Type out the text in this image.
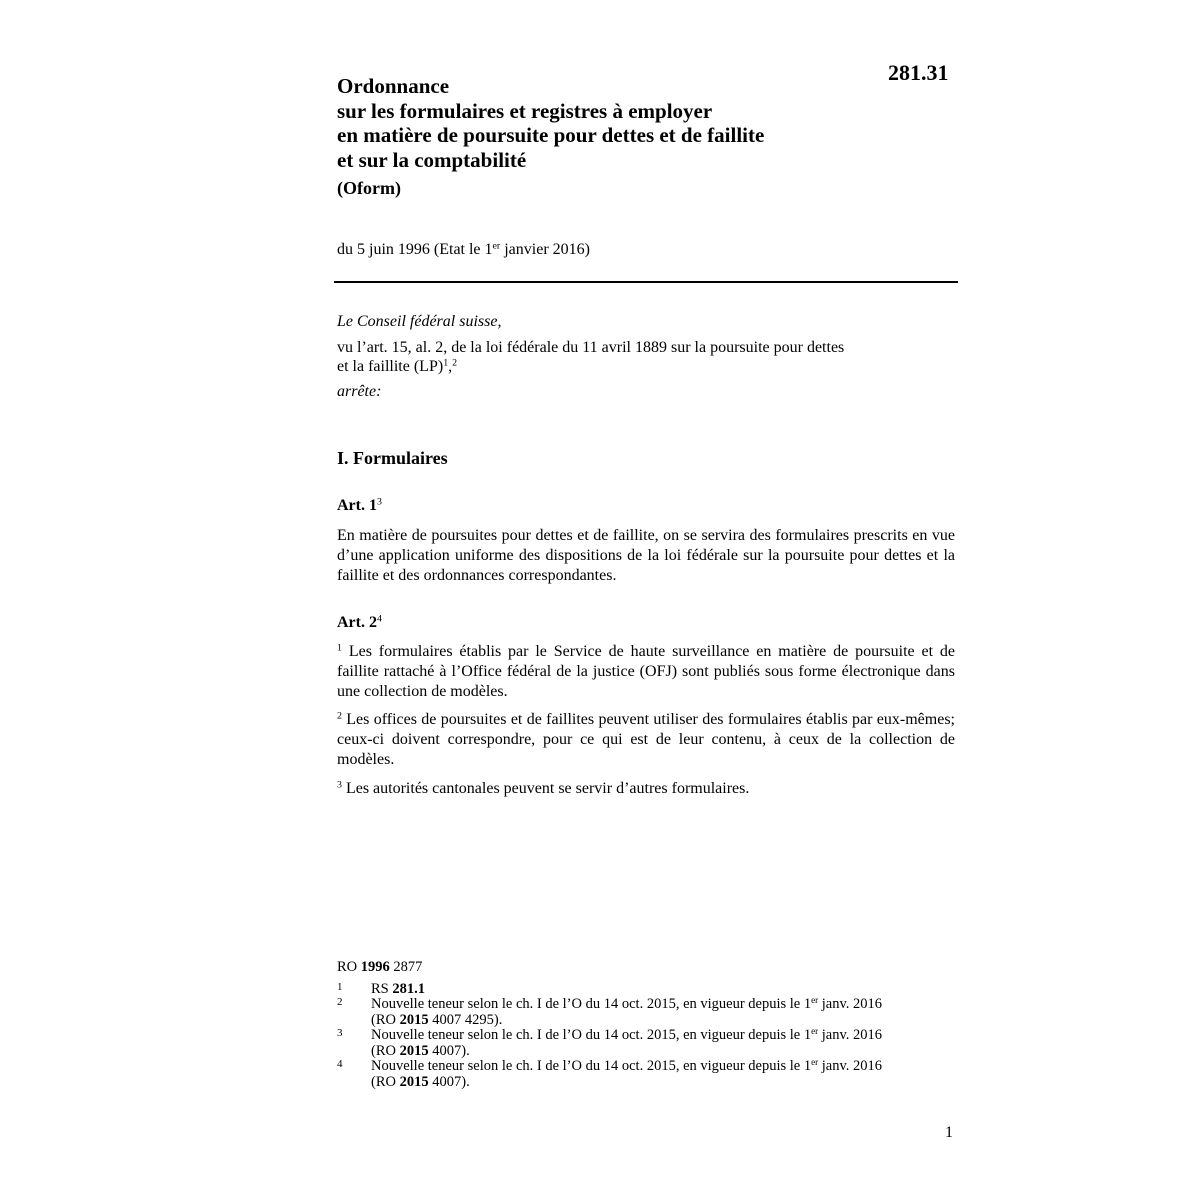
281.31
Ordonnance
sur les formulaires et registres à employer
en matière de poursuite pour dettes et de faillite
et sur la comptabilité
(Oform)
du 5 juin 1996 (Etat le 1er janvier 2016)

Le Conseil fédéral suisse,

vu l’art. 15, al. 2, de la loi fédérale du 11 avril 1889 sur la poursuite pour dettes
et la faillite (LP)$^1$,$^2$

arrête:

I. Formulaires
Art. $1^3$
En matière de poursuites pour dettes et de faillite, on se servira des formulaires prescrits en vue d’une application uniforme des dispositions de la loi fédérale sur la poursuite pour dettes et la faillite et des ordonnances correspondantes.
Art. $2^4$
$^1$ Les formulaires établis par le Service de haute surveillance en matière de poursuite et de faillite rattaché à l’Office fédéral de la justice (OFJ) sont publiés sous forme électronique dans une collection de modèles.
$^2$ Les offices de poursuites et de faillites peuvent utiliser des formulaires établis par eux-mêmes; ceux-ci doivent correspondre, pour ce qui est de leur contenu, à ceux de la collection de modèles.
$^3$ Les autorités cantonales peuvent se servir d’autres formulaires.
RO 1996 2877
1 RS 281.1
2 Nouvelle teneur selon le ch. I de l’O du 14 oct. 2015, en vigueur depuis le 1er janv. 2016
(RO 2015 4007 4295).
3 Nouvelle teneur selon le ch. I de l’O du 14 oct. 2015, en vigueur depuis le 1er janv. 2016
(RO 2015 4007).
4 Nouvelle teneur selon le ch. I de l’O du 14 oct. 2015, en vigueur depuis le 1er janv. 2016
(RO 2015 4007).
1
